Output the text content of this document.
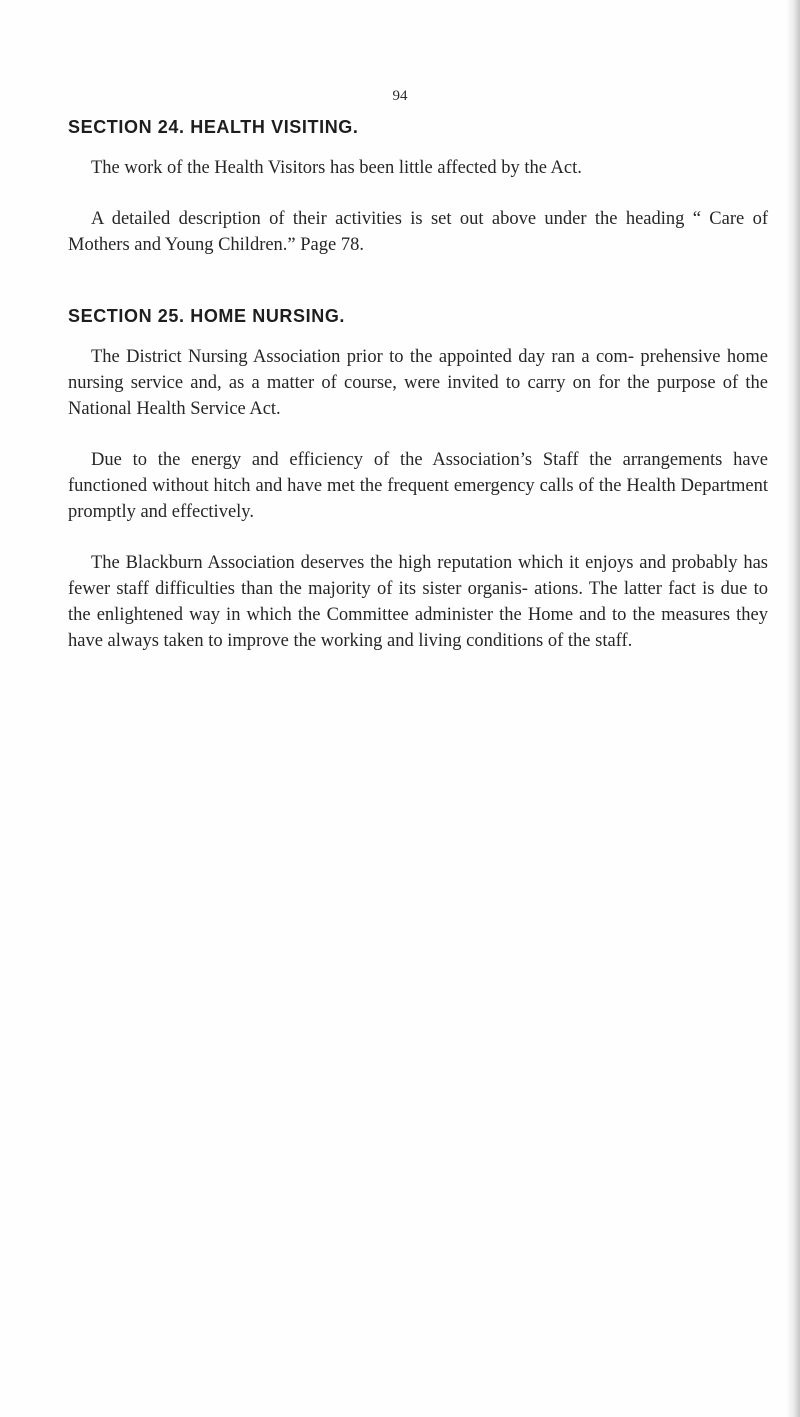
94
SECTION 24. HEALTH VISITING.

The work of the Health Visitors has been little affected by the Act.

A detailed description of their activities is set out above under the heading “ Care of Mothers and Young Children.” Page 78.

SECTION 25. HOME NURSING.

The District Nursing Association prior to the appointed day ran a com- prehensive home nursing service and, as a matter of course, were invited to carry on for the purpose of the National Health Service Act.

Due to the energy and efficiency of the Association’s Staff the arrangements have functioned without hitch and have met the frequent emergency calls of the Health Department promptly and effectively.

The Blackburn Association deserves the high reputation which it enjoys and probably has fewer staff difficulties than the majority of its sister organis- ations. The latter fact is due to the enlightened way in which the Committee administer the Home and to the measures they have always taken to improve the working and living conditions of the staff.
